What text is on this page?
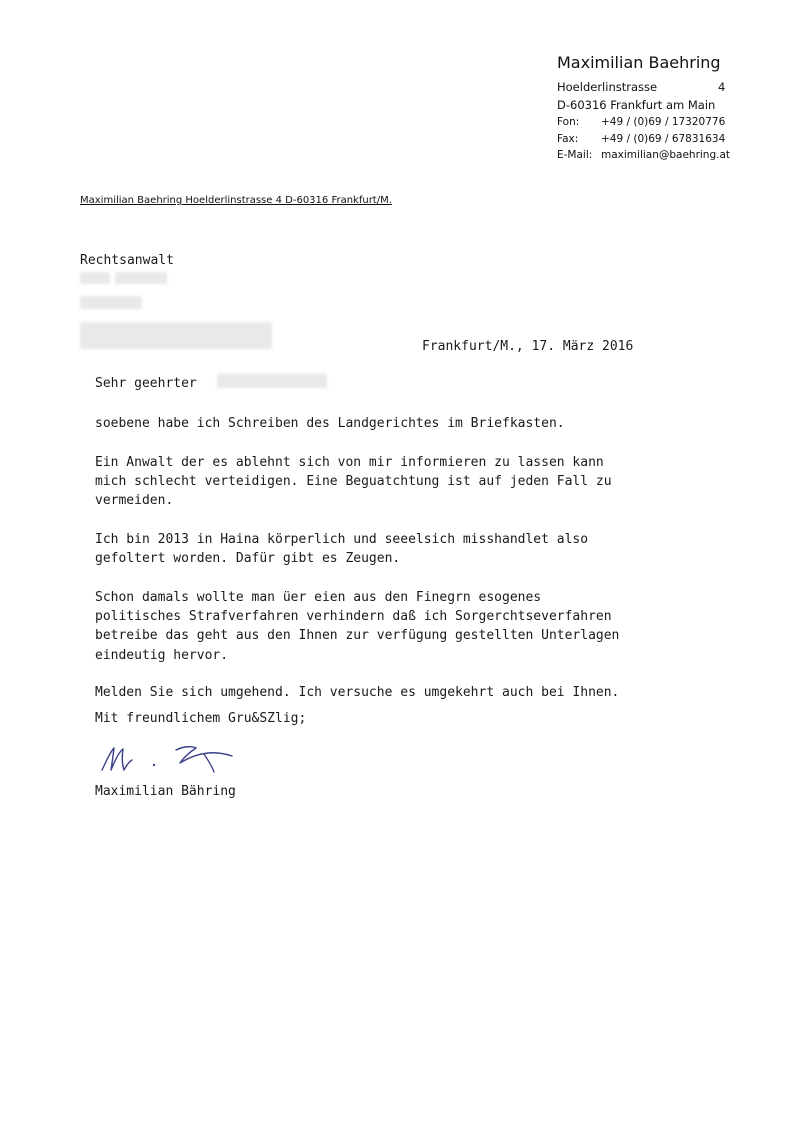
Maximilian Baehring
Hoelderlinstrasse	4
D-60316 Frankfurt am Main
Fon: +49 / (0)69 / 17320776
Fax: +49 / (0)69 / 67831634
E-Mail: maximilian@baehring.at
Maximilian Baehring Hoelderlinstrasse 4 D-60316 Frankfurt/M.
Rechtsanwalt
Frankfurt/M., 17. März 2016
Sehr geehrter
soebene habe ich Schreiben des Landgerichtes im Briefkasten.
Ein Anwalt der es ablehnt sich von mir informieren zu lassen kann
mich schlecht verteidigen. Eine Beguatchtung ist auf jeden Fall zu
vermeiden.
Ich bin 2013 in Haina körperlich und seeelsich misshandlet also
gefoltert worden. Dafür gibt es Zeugen.
Schon damals wollte man üer eien aus den Finegrn esogenes
politisches Strafverfahren verhindern daß ich Sorgerchtseverfahren
betreibe das geht aus den Ihnen zur verfügung gestellten Unterlagen
eindeutig hervor.
Melden Sie sich umgehend. Ich versuche es umgekehrt auch bei Ihnen.
Mit freundlichem Gru&SZlig;
Maximilian Bähring
